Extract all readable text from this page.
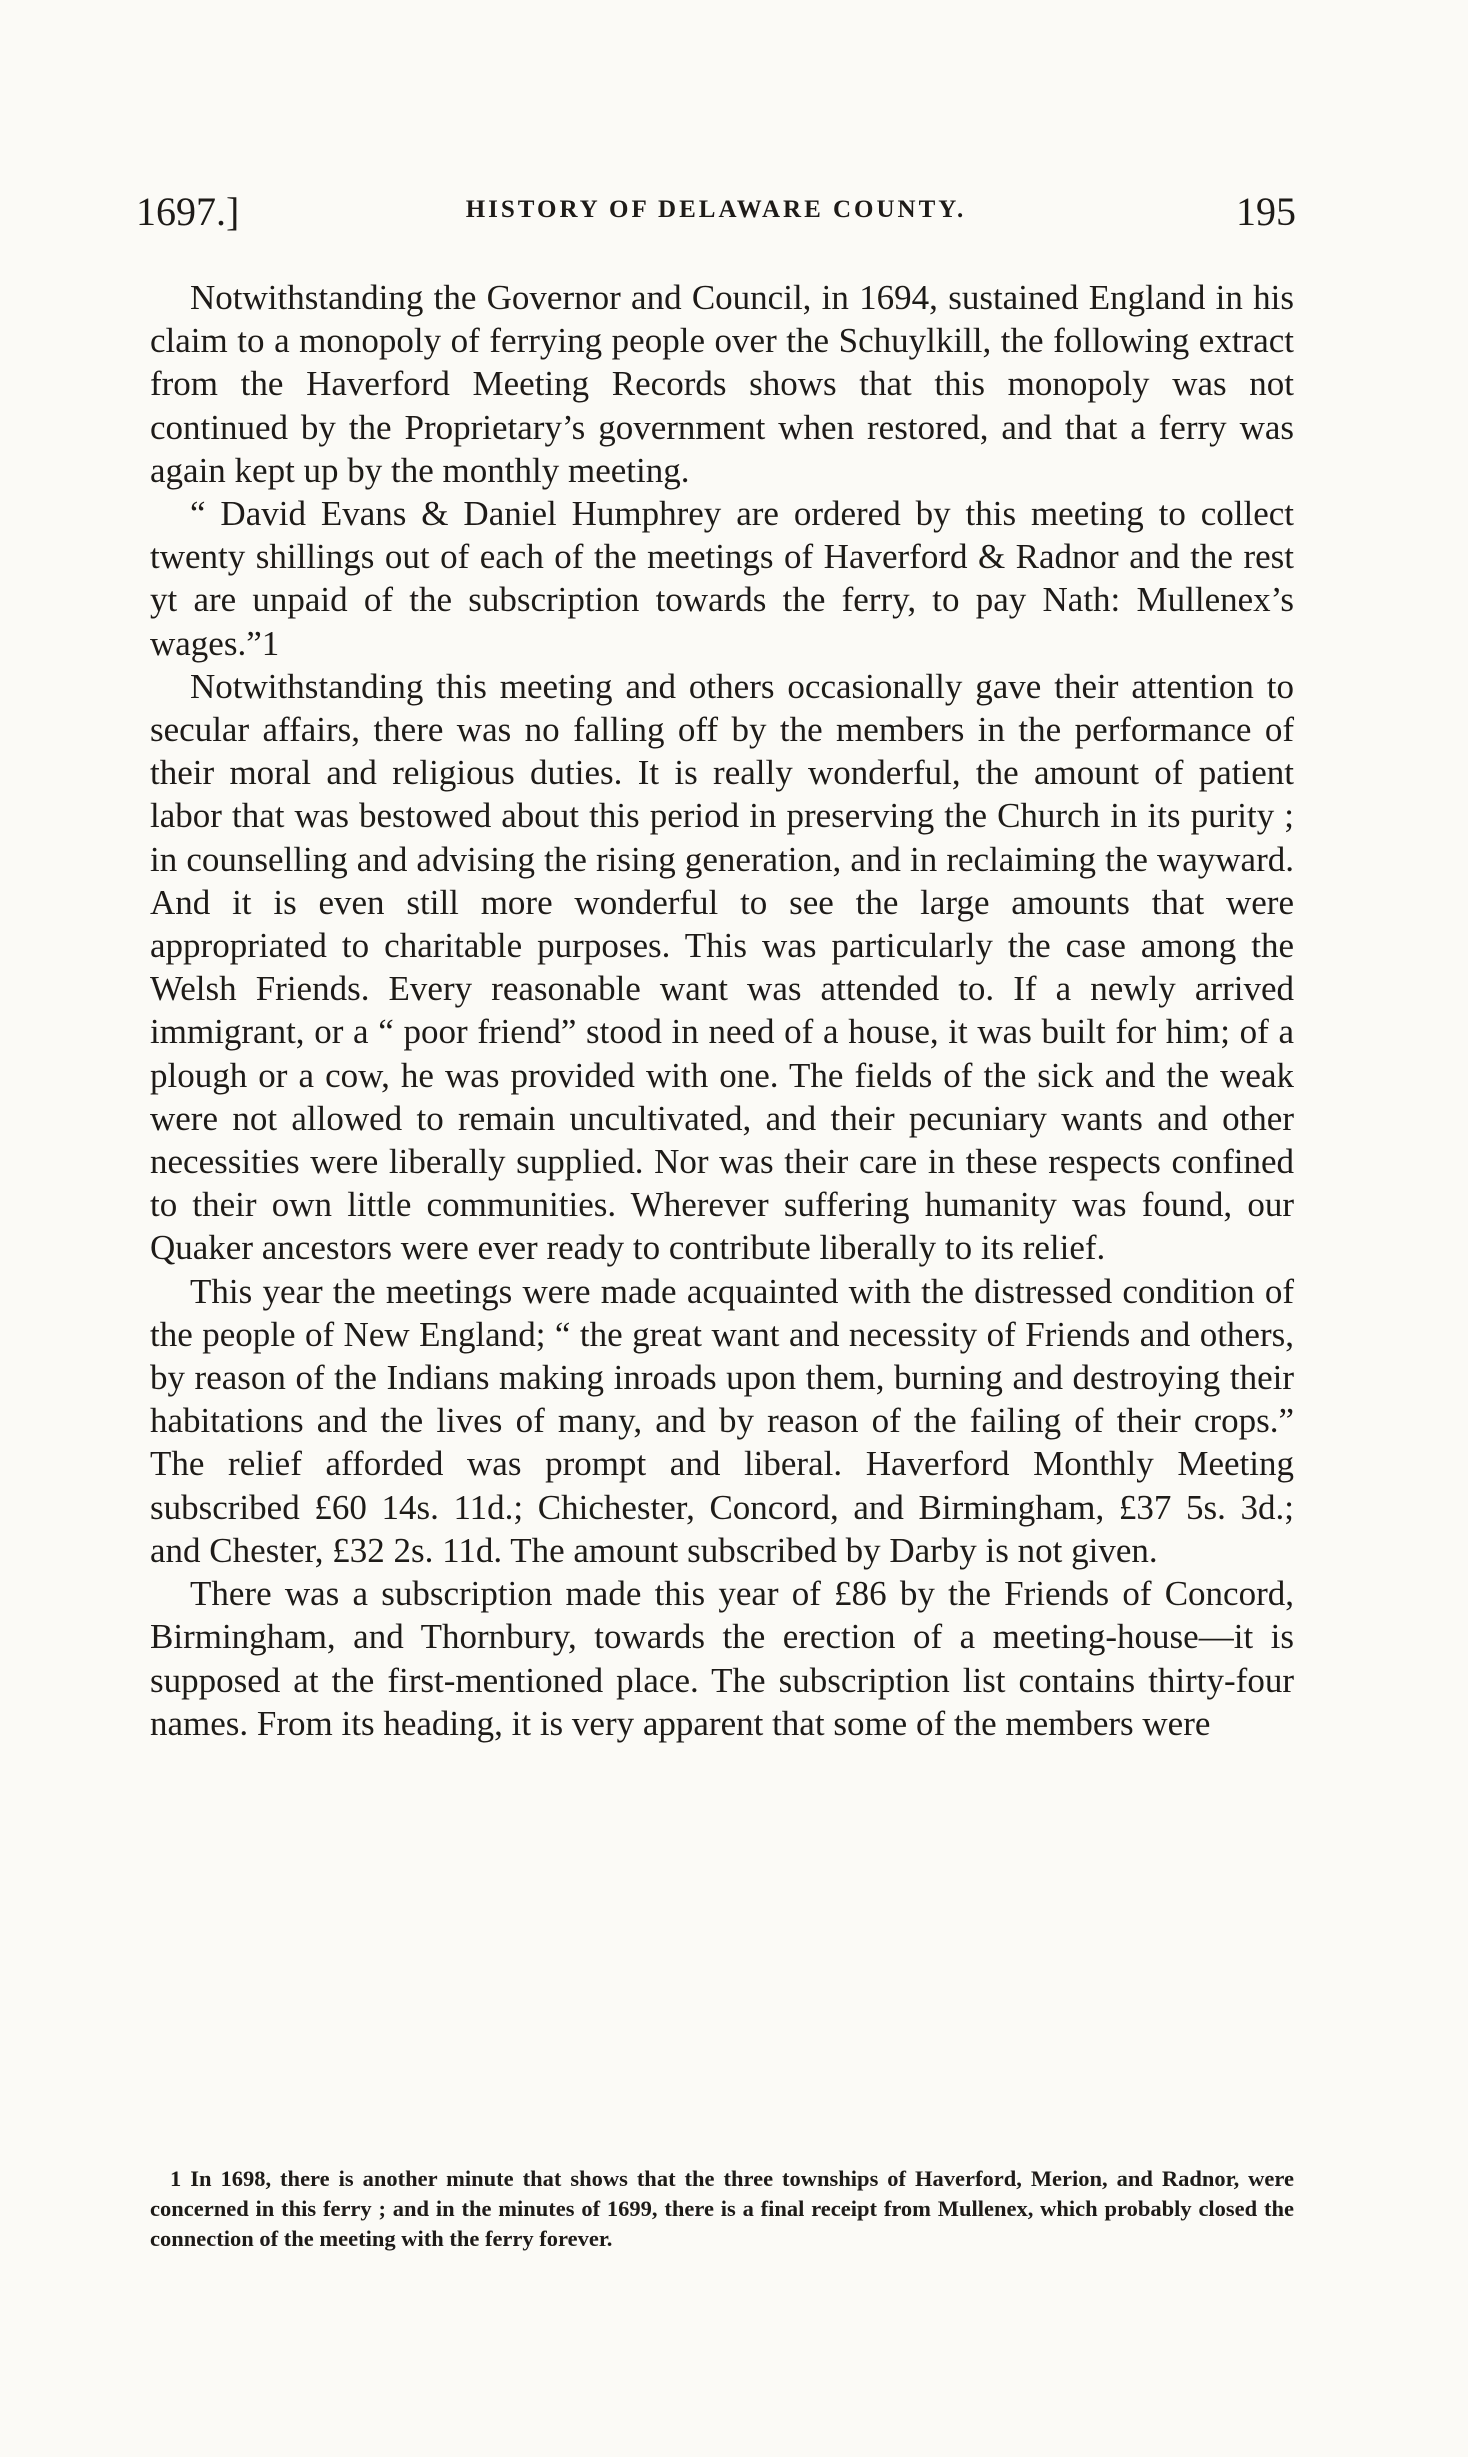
1697.]	HISTORY OF DELAWARE COUNTY.	195

Notwithstanding the Governor and Council, in 1694, sustained England in his claim to a monopoly of ferrying people over the Schuylkill, the following extract from the Haverford Meeting Records shows that this monopoly was not continued by the Proprietary’s government when restored, and that a ferry was again kept up by the monthly meeting.

“ David Evans & Daniel Humphrey are ordered by this meeting to collect twenty shillings out of each of the meetings of Haverford & Radnor and the rest yt are unpaid of the subscription towards the ferry, to pay Nath: Mullenex’s wages.”1

Notwithstanding this meeting and others occasionally gave their attention to secular affairs, there was no falling off by the members in the performance of their moral and religious duties. It is really wonderful, the amount of patient labor that was bestowed about this period in preserving the Church in its purity ; in counselling and advising the rising generation, and in reclaiming the wayward. And it is even still more wonderful to see the large amounts that were appropriated to charitable purposes. This was particularly the case among the Welsh Friends. Every reasonable want was attended to. If a newly arrived immigrant, or a “ poor friend” stood in need of a house, it was built for him; of a plough or a cow, he was provided with one. The fields of the sick and the weak were not allowed to remain uncultivated, and their pecuniary wants and other necessities were liberally supplied. Nor was their care in these respects confined to their own little communities. Wherever suffering humanity was found, our Quaker ancestors were ever ready to contribute liberally to its relief.

This year the meetings were made acquainted with the distressed condition of the people of New England; “ the great want and necessity of Friends and others, by reason of the Indians making inroads upon them, burning and destroying their habitations and the lives of many, and by reason of the failing of their crops.” The relief afforded was prompt and liberal. Haverford Monthly Meeting subscribed £60 14s. 11d.; Chichester, Concord, and Birmingham, £37 5s. 3d.; and Chester, £32 2s. 11d. The amount subscribed by Darby is not given.

There was a subscription made this year of £86 by the Friends of Concord, Birmingham, and Thornbury, towards the erection of a meeting-house—it is supposed at the first-mentioned place. The subscription list contains thirty-four names. From its heading, it is very apparent that some of the members were

1 In 1698, there is another minute that shows that the three townships of Haverford, Merion, and Radnor, were concerned in this ferry ; and in the minutes of 1699, there is a final receipt from Mullenex, which probably closed the connection of the meeting with the ferry forever.
